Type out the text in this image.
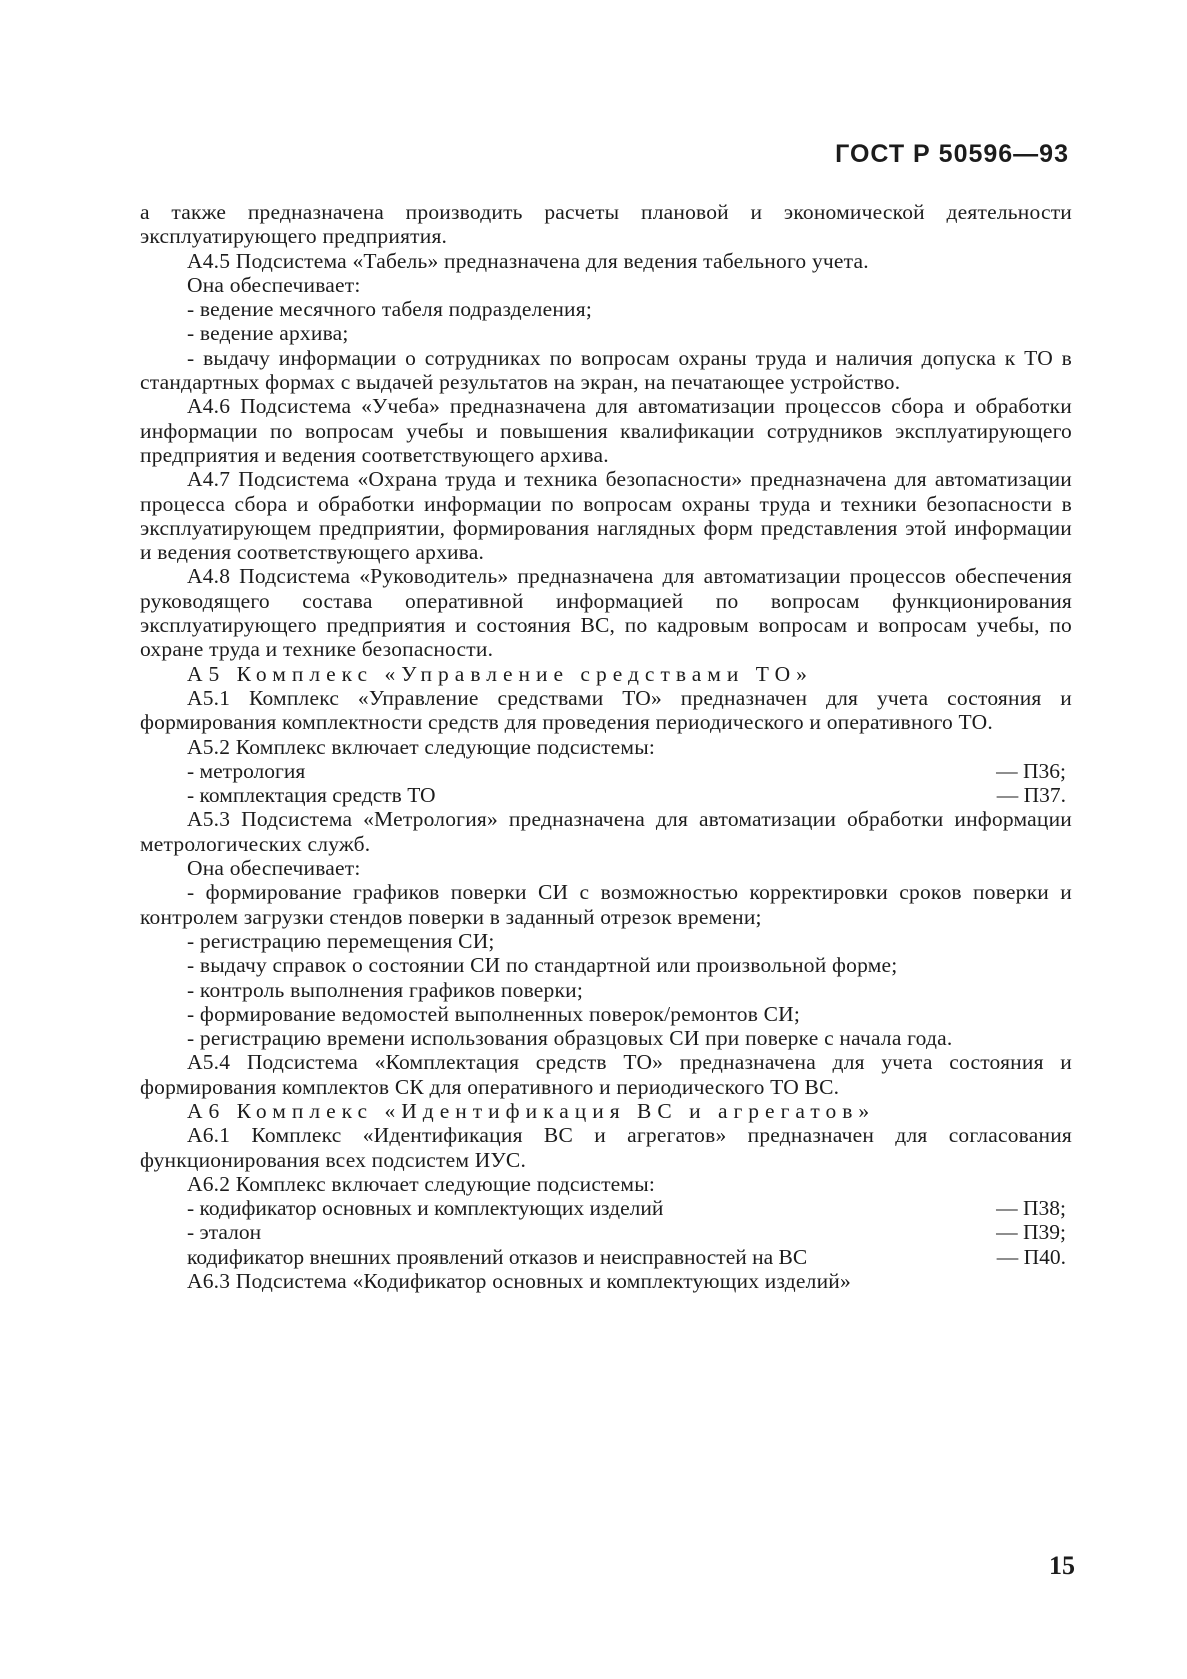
ГОСТ Р 50596—93

а также предназначена производить расчеты плановой и экономической деятельности эксплуатирующего предприятия.

А4.5 Подсистема «Табель» предназначена для ведения табельного учета.

Она обеспечивает:

- ведение месячного табеля подразделения;

- ведение архива;

- выдачу информации о сотрудниках по вопросам охраны труда и наличия допуска к ТО в стандартных формах с выдачей результатов на экран, на печатающее устройство.

А4.6 Подсистема «Учеба» предназначена для автоматизации процессов сбора и обработки информации по вопросам учебы и повышения квалификации сотрудников эксплуатирующего предприятия и ведения соответствующего архива.

А4.7 Подсистема «Охрана труда и техника безопасности» предназначена для автоматизации процесса сбора и обработки информации по вопросам охраны труда и техники безопасности в эксплуатирующем предприятии, формирования наглядных форм представления этой информации и ведения соответствующего архива.

А4.8 Подсистема «Руководитель» предназначена для автоматизации процессов обеспечения руководящего состава оперативной информацией по вопросам функционирования эксплуатирующего предприятия и состояния ВС, по кадровым вопросам и вопросам учебы, по охране труда и технике безопасности.

А5 Комплекс «Управление средствами ТО»

А5.1 Комплекс «Управление средствами ТО» предназначен для учета состояния и формирования комплектности средств для проведения периодического и оперативного ТО.

А5.2 Комплекс включает следующие подсистемы:

- метрология	— П36;
- комплектация средств ТО	— П37.

А5.3 Подсистема «Метрология» предназначена для автоматизации обработки информации метрологических служб.

Она обеспечивает:

- формирование графиков поверки СИ с возможностью корректировки сроков поверки и контролем загрузки стендов поверки в заданный отрезок времени;

- регистрацию перемещения СИ;

- выдачу справок о состоянии СИ по стандартной или произвольной форме;

- контроль выполнения графиков поверки;

- формирование ведомостей выполненных поверок/ремонтов СИ;

- регистрацию времени использования образцовых СИ при поверке с начала года.

А5.4 Подсистема «Комплектация средств ТО» предназначена для учета состояния и формирования комплектов СК для оперативного и периодического ТО ВС.

А6 Комплекс «Идентификация ВС и агрегатов»

А6.1 Комплекс «Идентификация ВС и агрегатов» предназначен для согласования функционирования всех подсистем ИУС.

А6.2 Комплекс включает следующие подсистемы:

- кодификатор основных и комплектующих изделий	— П38;
- эталон	— П39;
кодификатор внешних проявлений отказов и неисправностей на ВС	— П40.

А6.3 Подсистема «Кодификатор основных и комплектующих изделий»

15
